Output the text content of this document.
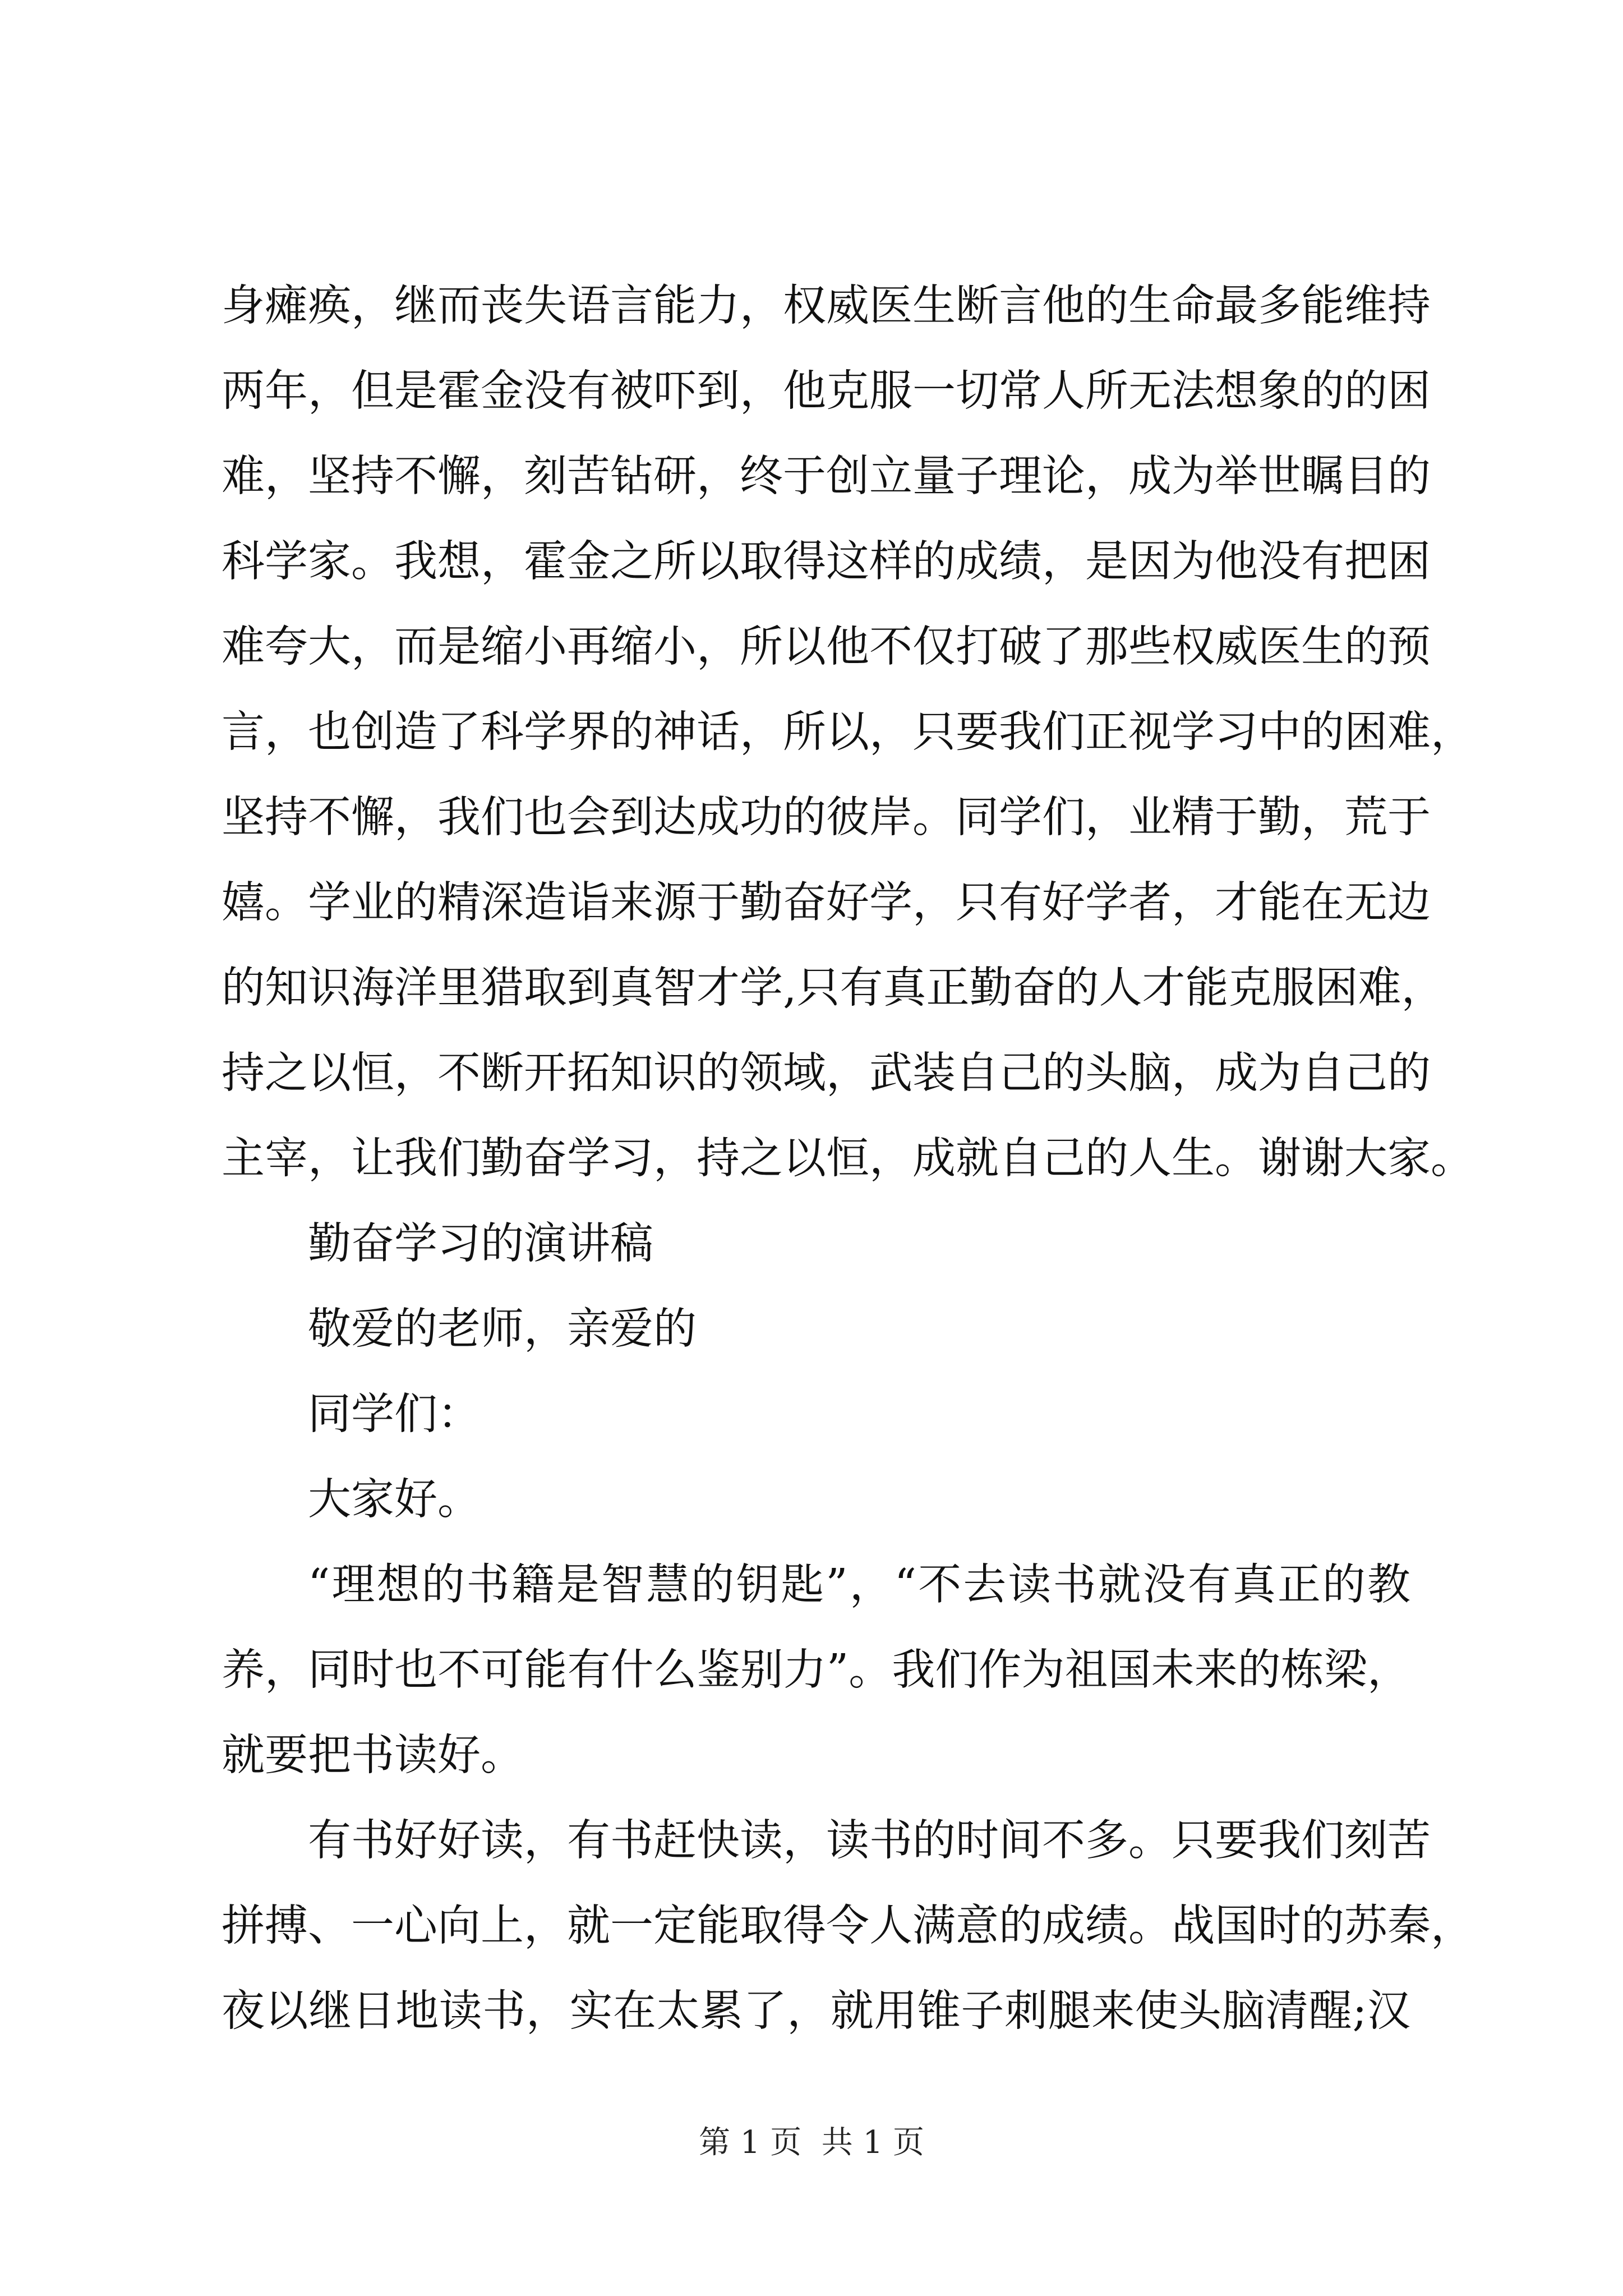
身瘫痪，继而丧失语言能力，权威医生断言他的生命最多能维持
两年，但是霍金没有被吓到，他克服一切常人所无法想象的的困
难，坚持不懈，刻苦钻研，终于创立量子理论，成为举世瞩目的
科学家。我想，霍金之所以取得这样的成绩，是因为他没有把困
难夸大，而是缩小再缩小，所以他不仅打破了那些权威医生的预
言，也创造了科学界的神话，所以，只要我们正视学习中的困难，
坚持不懈，我们也会到达成功的彼岸。同学们，业精于勤，荒于
嬉。学业的精深造诣来源于勤奋好学，只有好学者，才能在无边
的知识海洋里猎取到真智才学,只有真正勤奋的人才能克服困难，
持之以恒，不断开拓知识的领域，武装自己的头脑，成为自己的
主宰，让我们勤奋学习，持之以恒，成就自己的人生。谢谢大家。
勤奋学习的演讲稿
敬爱的老师，亲爱的
同学们：
大家好。
“理想的书籍是智慧的钥匙”，“不去读书就没有真正的教
养，同时也不可能有什么鉴别力”。我们作为祖国未来的栋梁，
就要把书读好。
有书好好读，有书赶快读，读书的时间不多。只要我们刻苦
拼搏、一心向上，就一定能取得令人满意的成绩。战国时的苏秦，
夜以继日地读书，实在太累了，就用锥子刺腿来使头脑清醒;汉
第 1 页  共 1 页
